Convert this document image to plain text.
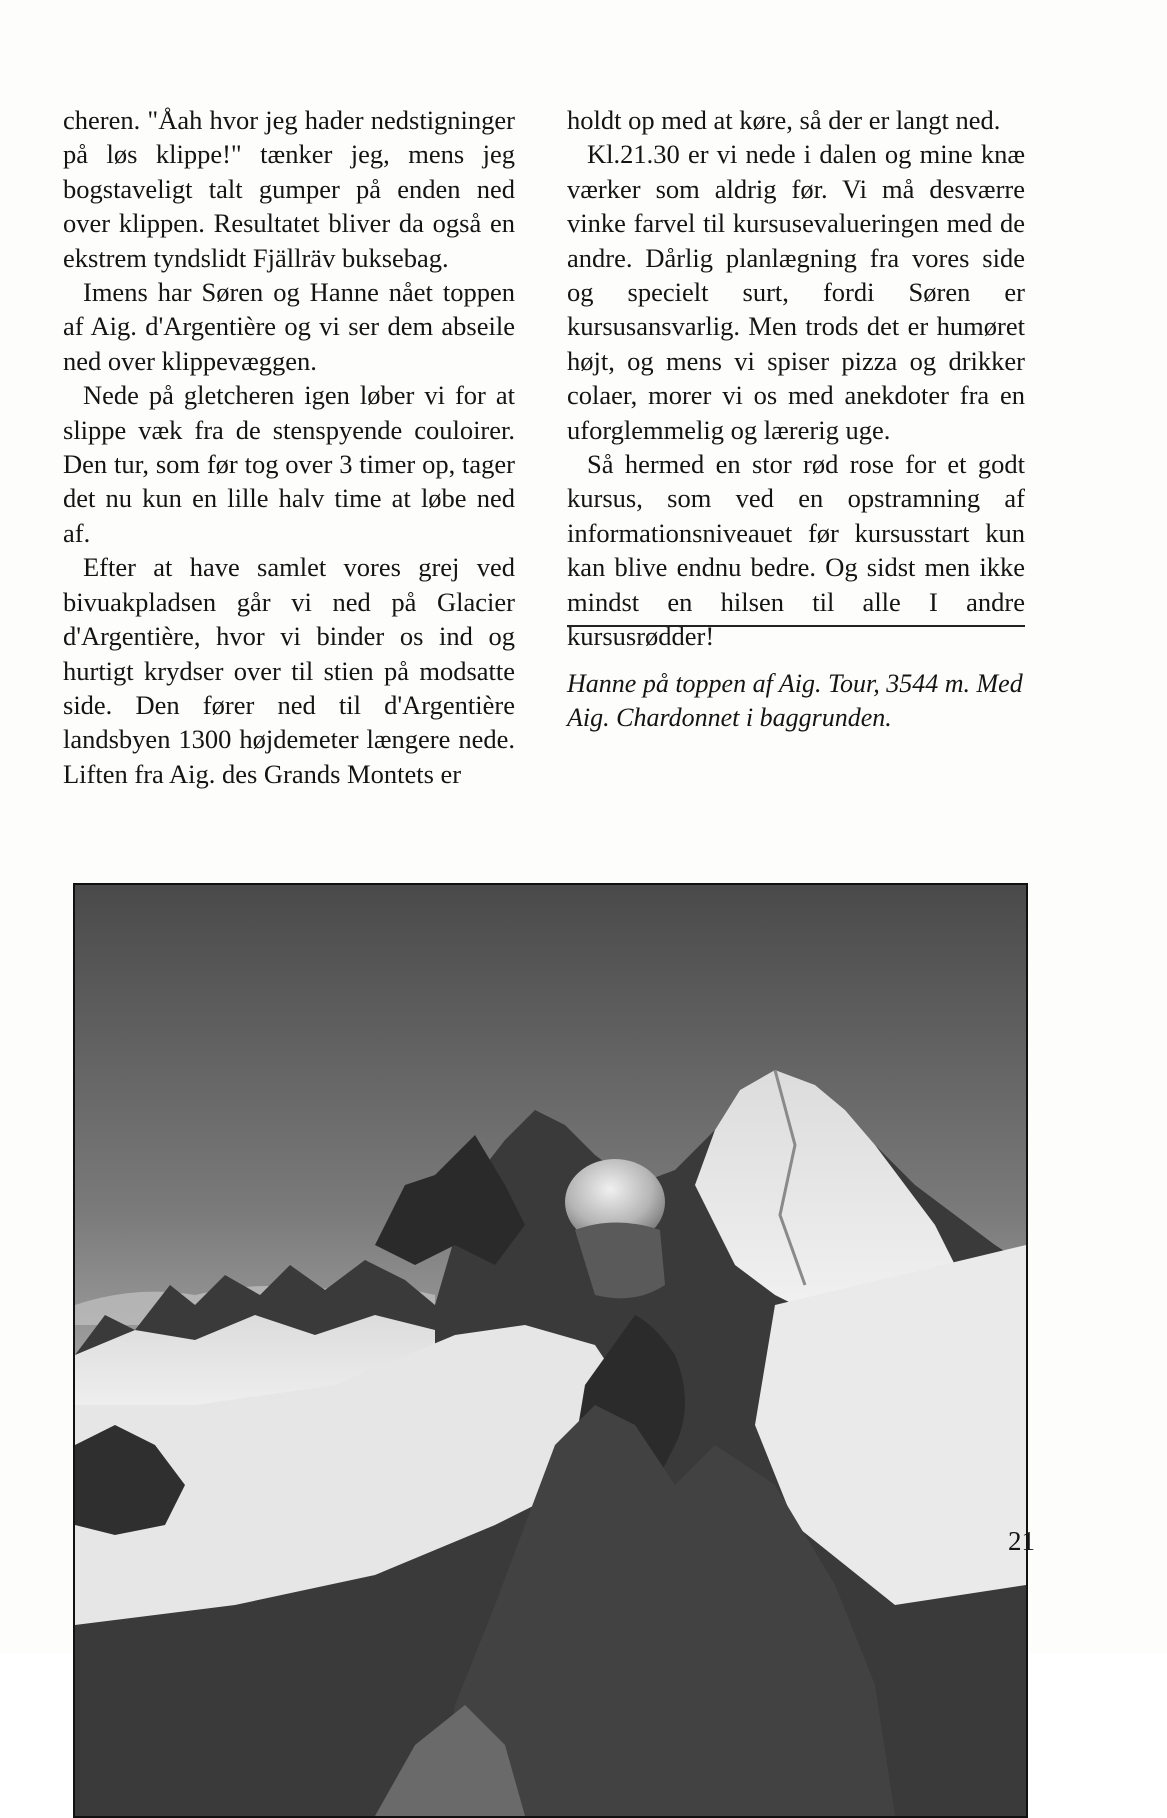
cheren. "Åah hvor jeg hader nedstigninger på løs klippe!" tænker jeg, mens jeg bogstaveligt talt gumper på enden ned over klippen. Resultatet bliver da også en ekstrem tyndslidt Fjällräv buksebag.

Imens har Søren og Hanne nået toppen af Aig. d'Argentière og vi ser dem abseile ned over klippevæggen.

Nede på gletcheren igen løber vi for at slippe væk fra de stenspyende couloirer. Den tur, som før tog over 3 timer op, tager det nu kun en lille halv time at løbe ned af.

Efter at have samlet vores grej ved bivuakpladsen går vi ned på Glacier d'Argentière, hvor vi binder os ind og hurtigt krydser over til stien på modsatte side. Den fører ned til d'Argentière landsbyen 1300 højdemeter længere nede. Liften fra Aig. des Grands Montets er

holdt op med at køre, så der er langt ned.

Kl.21.30 er vi nede i dalen og mine knæ værker som aldrig før. Vi må desværre vinke farvel til kursusevalueringen med de andre. Dårlig planlægning fra vores side og specielt surt, fordi Søren er kursusansvarlig. Men trods det er humøret højt, og mens vi spiser pizza og drikker colaer, morer vi os med anekdoter fra en uforglemmelig og lærerig uge.

Så hermed en stor rød rose for et godt kursus, som ved en opstramning af informationsniveauet før kursusstart kun kan blive endnu bedre. Og sidst men ikke mindst en hilsen til alle I andre kursusrødder!

Hanne på toppen af Aig. Tour, 3544 m. Med Aig. Chardonnet i baggrunden.
21
